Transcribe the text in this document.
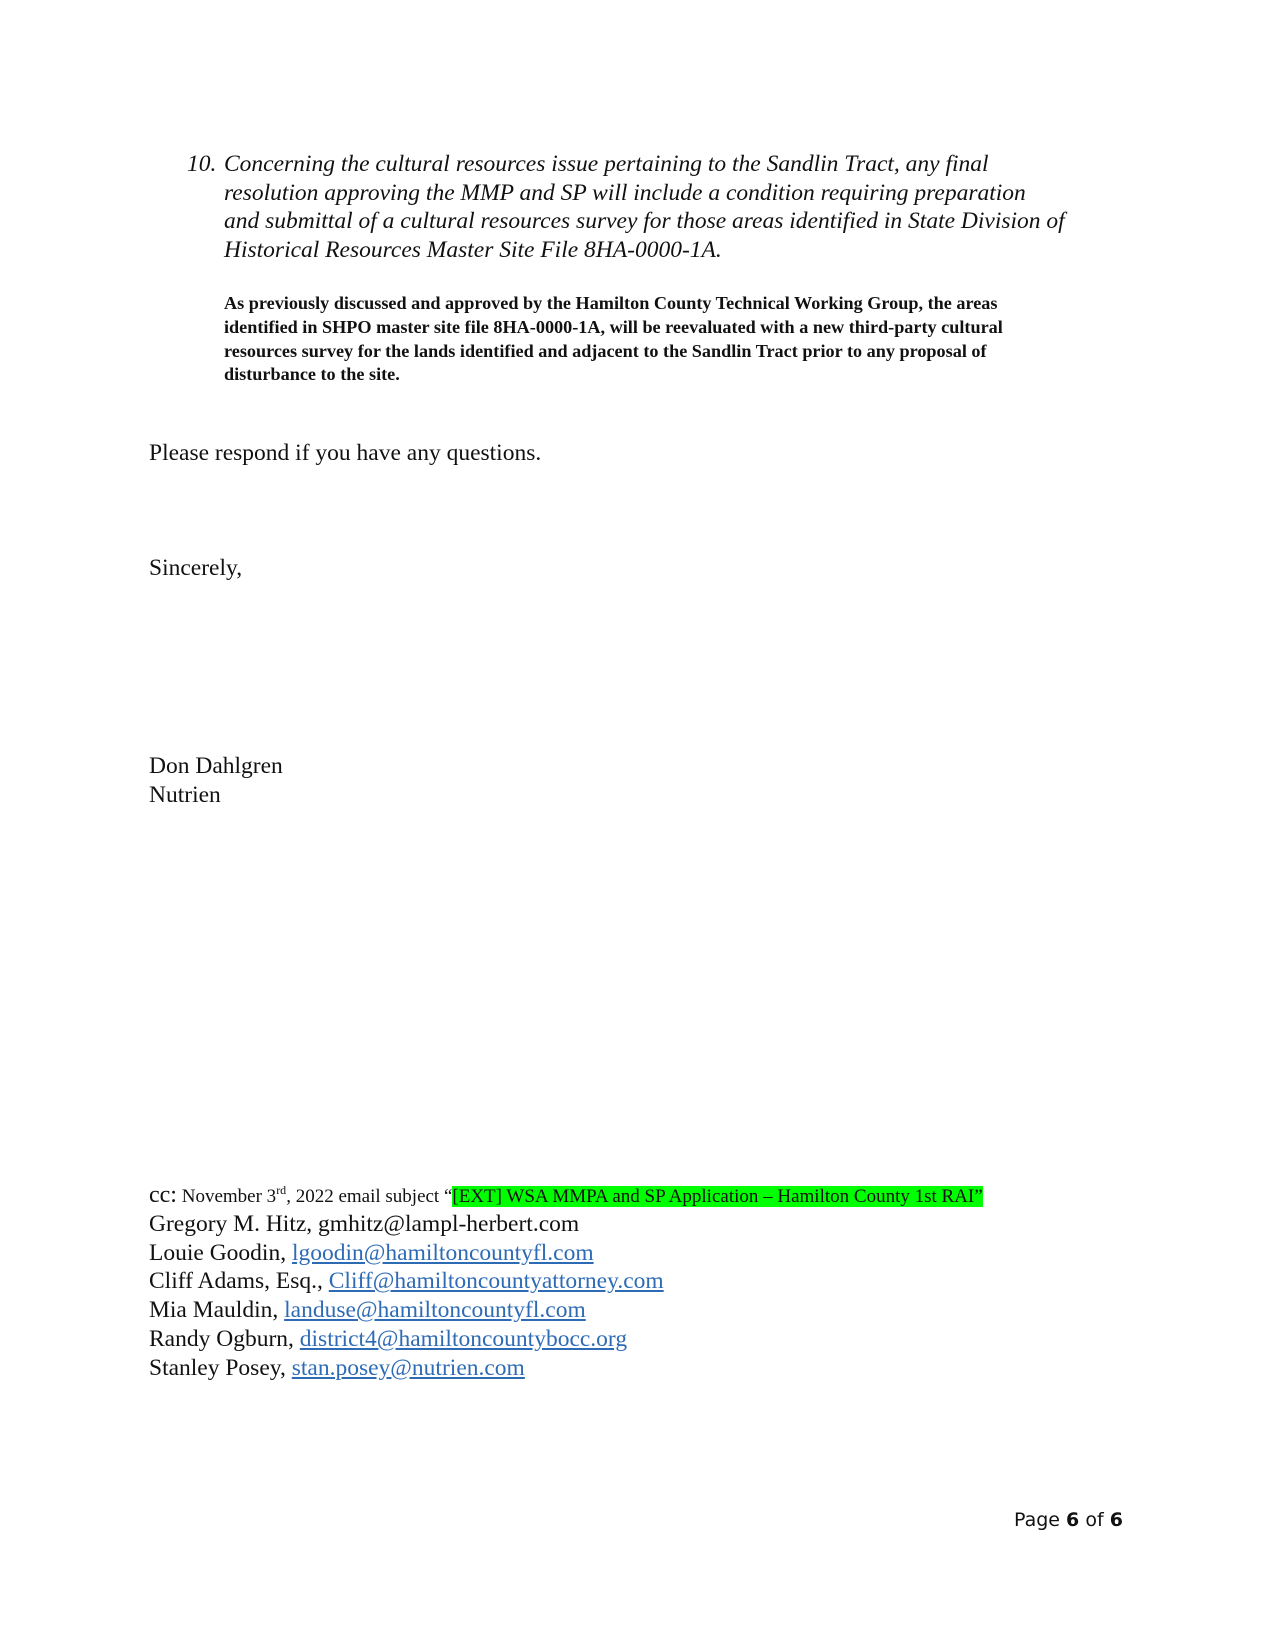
10. Concerning the cultural resources issue pertaining to the Sandlin Tract, any final
resolution approving the MMP and SP will include a condition requiring preparation
and submittal of a cultural resources survey for those areas identified in State Division of
Historical Resources Master Site File 8HA-0000-1A.
As previously discussed and approved by the Hamilton County Technical Working Group, the areas
identified in SHPO master site file 8HA-0000-1A, will be reevaluated with a new third-party cultural
resources survey for the lands identified and adjacent to the Sandlin Tract prior to any proposal of
disturbance to the site.
Please respond if you have any questions.
Sincerely,
Don Dahlgren
Nutrien
cc: November 3rd, 2022 email subject “[EXT] WSA MMPA and SP Application – Hamilton County 1st RAI”
Gregory M. Hitz, gmhitz@lampl-herbert.com
Louie Goodin, lgoodin@hamiltoncountyfl.com
Cliff Adams, Esq., Cliff@hamiltoncountyattorney.com
Mia Mauldin, landuse@hamiltoncountyfl.com
Randy Ogburn, district4@hamiltoncountybocc.org
Stanley Posey, stan.posey@nutrien.com
Page 6 of 6
